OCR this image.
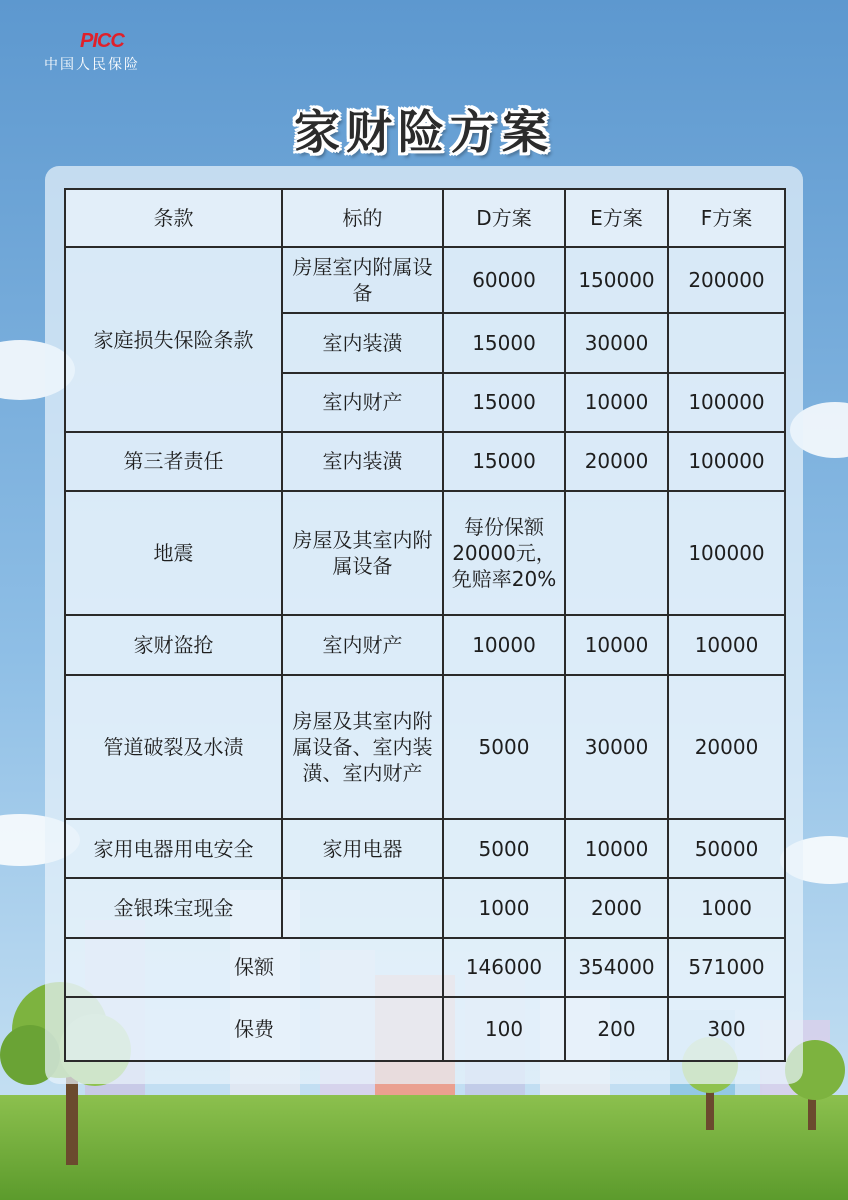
PICC
中国人民保险
家财险方案
条款	标的	D方案	E方案	F方案
家庭损失保险条款	房屋室内附属设备	60000	150000	200000
	室内装潢	15000	30000	
	室内财产	15000	10000	100000
第三者责任	室内装潢	15000	20000	100000
地震	房屋及其室内附属设备	每份保额20000元，免赔率20%		100000
家财盗抢	室内财产	10000	10000	10000
管道破裂及水渍	房屋及其室内附属设备、室内装潢、室内财产	5000	30000	20000
家用电器用电安全	家用电器	5000	10000	50000
金银珠宝现金		1000	2000	1000
保额		146000	354000	571000
保费		100	200	300
